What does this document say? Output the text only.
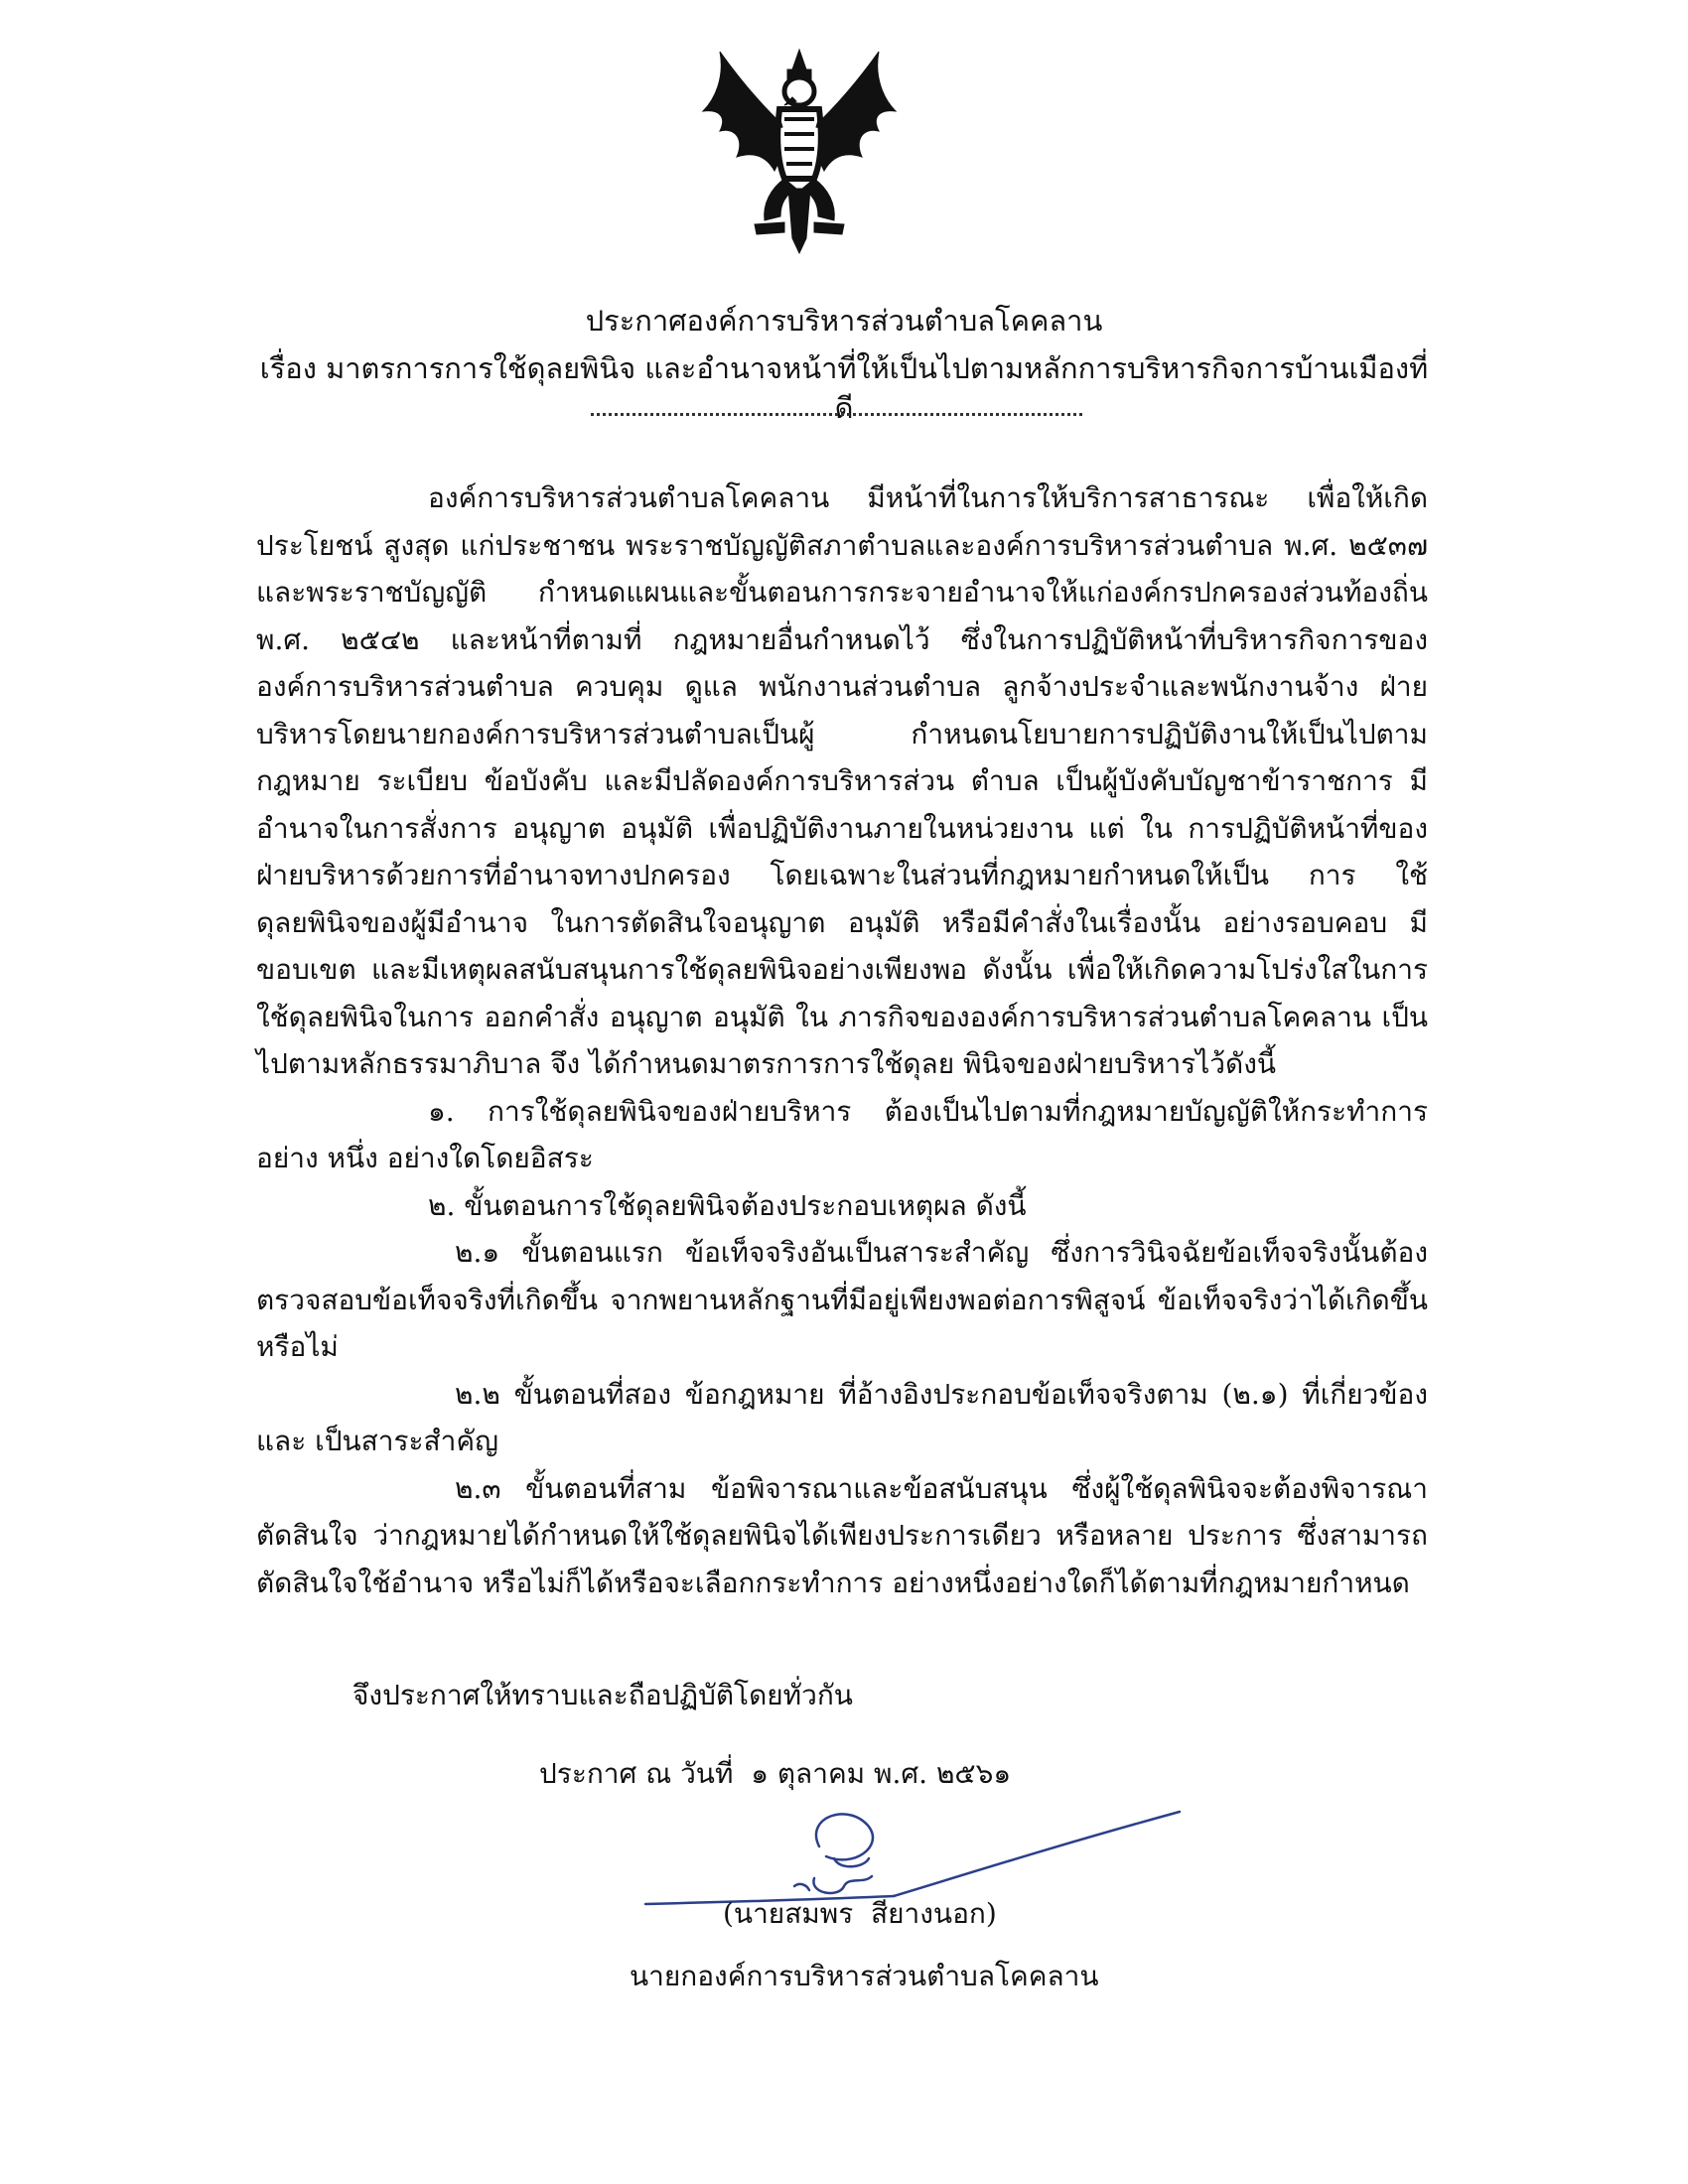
ประกาศองค์การบริหารส่วนตำบลโคคลาน
เรื่อง มาตรการการใช้ดุลยพินิจ และอำนาจหน้าที่ให้เป็นไปตามหลักการบริหารกิจการบ้านเมืองที่ดี

องค์การบริหารส่วนตำบลโคคลาน มีหน้าที่ในการให้บริการสาธารณะ เพื่อให้เกิดประโยชน์ สูงสุด แก่ประชาชน พระราชบัญญัติสภาตำบลและองค์การบริหารส่วนตำบล พ.ศ. ๒๕๓๗ และพระราชบัญญัติ กำหนดแผนและขั้นตอนการกระจายอำนาจให้แก่องค์กรปกครองส่วนท้องถิ่น พ.ศ. ๒๕๔๒ และหน้าที่ตามที่ กฎหมายอื่นกำหนดไว้ ซึ่งในการปฏิบัติหน้าที่บริหารกิจการขององค์การบริหารส่วนตำบล ควบคุม ดูแล พนักงานส่วนตำบล ลูกจ้างประจำและพนักงานจ้าง ฝ่ายบริหารโดยนายกองค์การบริหารส่วนตำบลเป็นผู้ กำหนดนโยบายการปฏิบัติงานให้เป็นไปตามกฎหมาย ระเบียบ ข้อบังคับ และมีปลัดองค์การบริหารส่วน ตำบล เป็นผู้บังคับบัญชาข้าราชการ มีอำนาจในการสั่งการ อนุญาต อนุมัติ เพื่อปฏิบัติงานภายในหน่วยงาน แต่ ใน การปฏิบัติหน้าที่ของฝ่ายบริหารด้วยการที่อำนาจทางปกครอง โดยเฉพาะในส่วนที่กฎหมายกำหนดให้เป็น การ ใช้ดุลยพินิจของผู้มีอำนาจ ในการตัดสินใจอนุญาต อนุมัติ หรือมีคำสั่งในเรื่องนั้น อย่างรอบคอบ มีขอบเขต และมีเหตุผลสนับสนุนการใช้ดุลยพินิจอย่างเพียงพอ ดังนั้น เพื่อให้เกิดความโปร่งใสในการใช้ดุลยพินิจในการ ออกคำสั่ง อนุญาต อนุมัติ ใน ภารกิจขององค์การบริหารส่วนตำบลโคคลาน เป็นไปตามหลักธรรมาภิบาล จึง ได้กำหนดมาตรการการใช้ดุลย พินิจของฝ่ายบริหารไว้ดังนี้

๑. การใช้ดุลยพินิจของฝ่ายบริหาร ต้องเป็นไปตามที่กฎหมายบัญญัติให้กระทำการอย่าง หนึ่ง อย่างใดโดยอิสระ

๒. ขั้นตอนการใช้ดุลยพินิจต้องประกอบเหตุผล ดังนี้

๒.๑ ขั้นตอนแรก ข้อเท็จจริงอันเป็นสาระสำคัญ ซึ่งการวินิจฉัยข้อเท็จจริงนั้นต้อง ตรวจสอบข้อเท็จจริงที่เกิดขึ้น จากพยานหลักฐานที่มีอยู่เพียงพอต่อการพิสูจน์ ข้อเท็จจริงว่าได้เกิดขึ้นหรือไม่

๒.๒ ขั้นตอนที่สอง ข้อกฎหมาย ที่อ้างอิงประกอบข้อเท็จจริงตาม (๒.๑) ที่เกี่ยวข้อง และ เป็นสาระสำคัญ

๒.๓ ขั้นตอนที่สาม ข้อพิจารณาและข้อสนับสนุน ซึ่งผู้ใช้ดุลพินิจจะต้องพิจารณา ตัดสินใจ ว่ากฎหมายได้กำหนดให้ใช้ดุลยพินิจได้เพียงประการเดียว หรือหลาย ประการ ซึ่งสามารถตัดสินใจใช้อำนาจ หรือไม่ก็ได้หรือจะเลือกกระทำการ อย่างหนึ่งอย่างใดก็ได้ตามที่กฎหมายกำหนด

จึงประกาศให้ทราบและถือปฏิบัติโดยทั่วกัน
ประกาศ ณ วันที่  ๑ ตุลาคม พ.ศ. ๒๕๖๑
(นายสมพร  สียางนอก)
นายกองค์การบริหารส่วนตำบลโคคลาน
